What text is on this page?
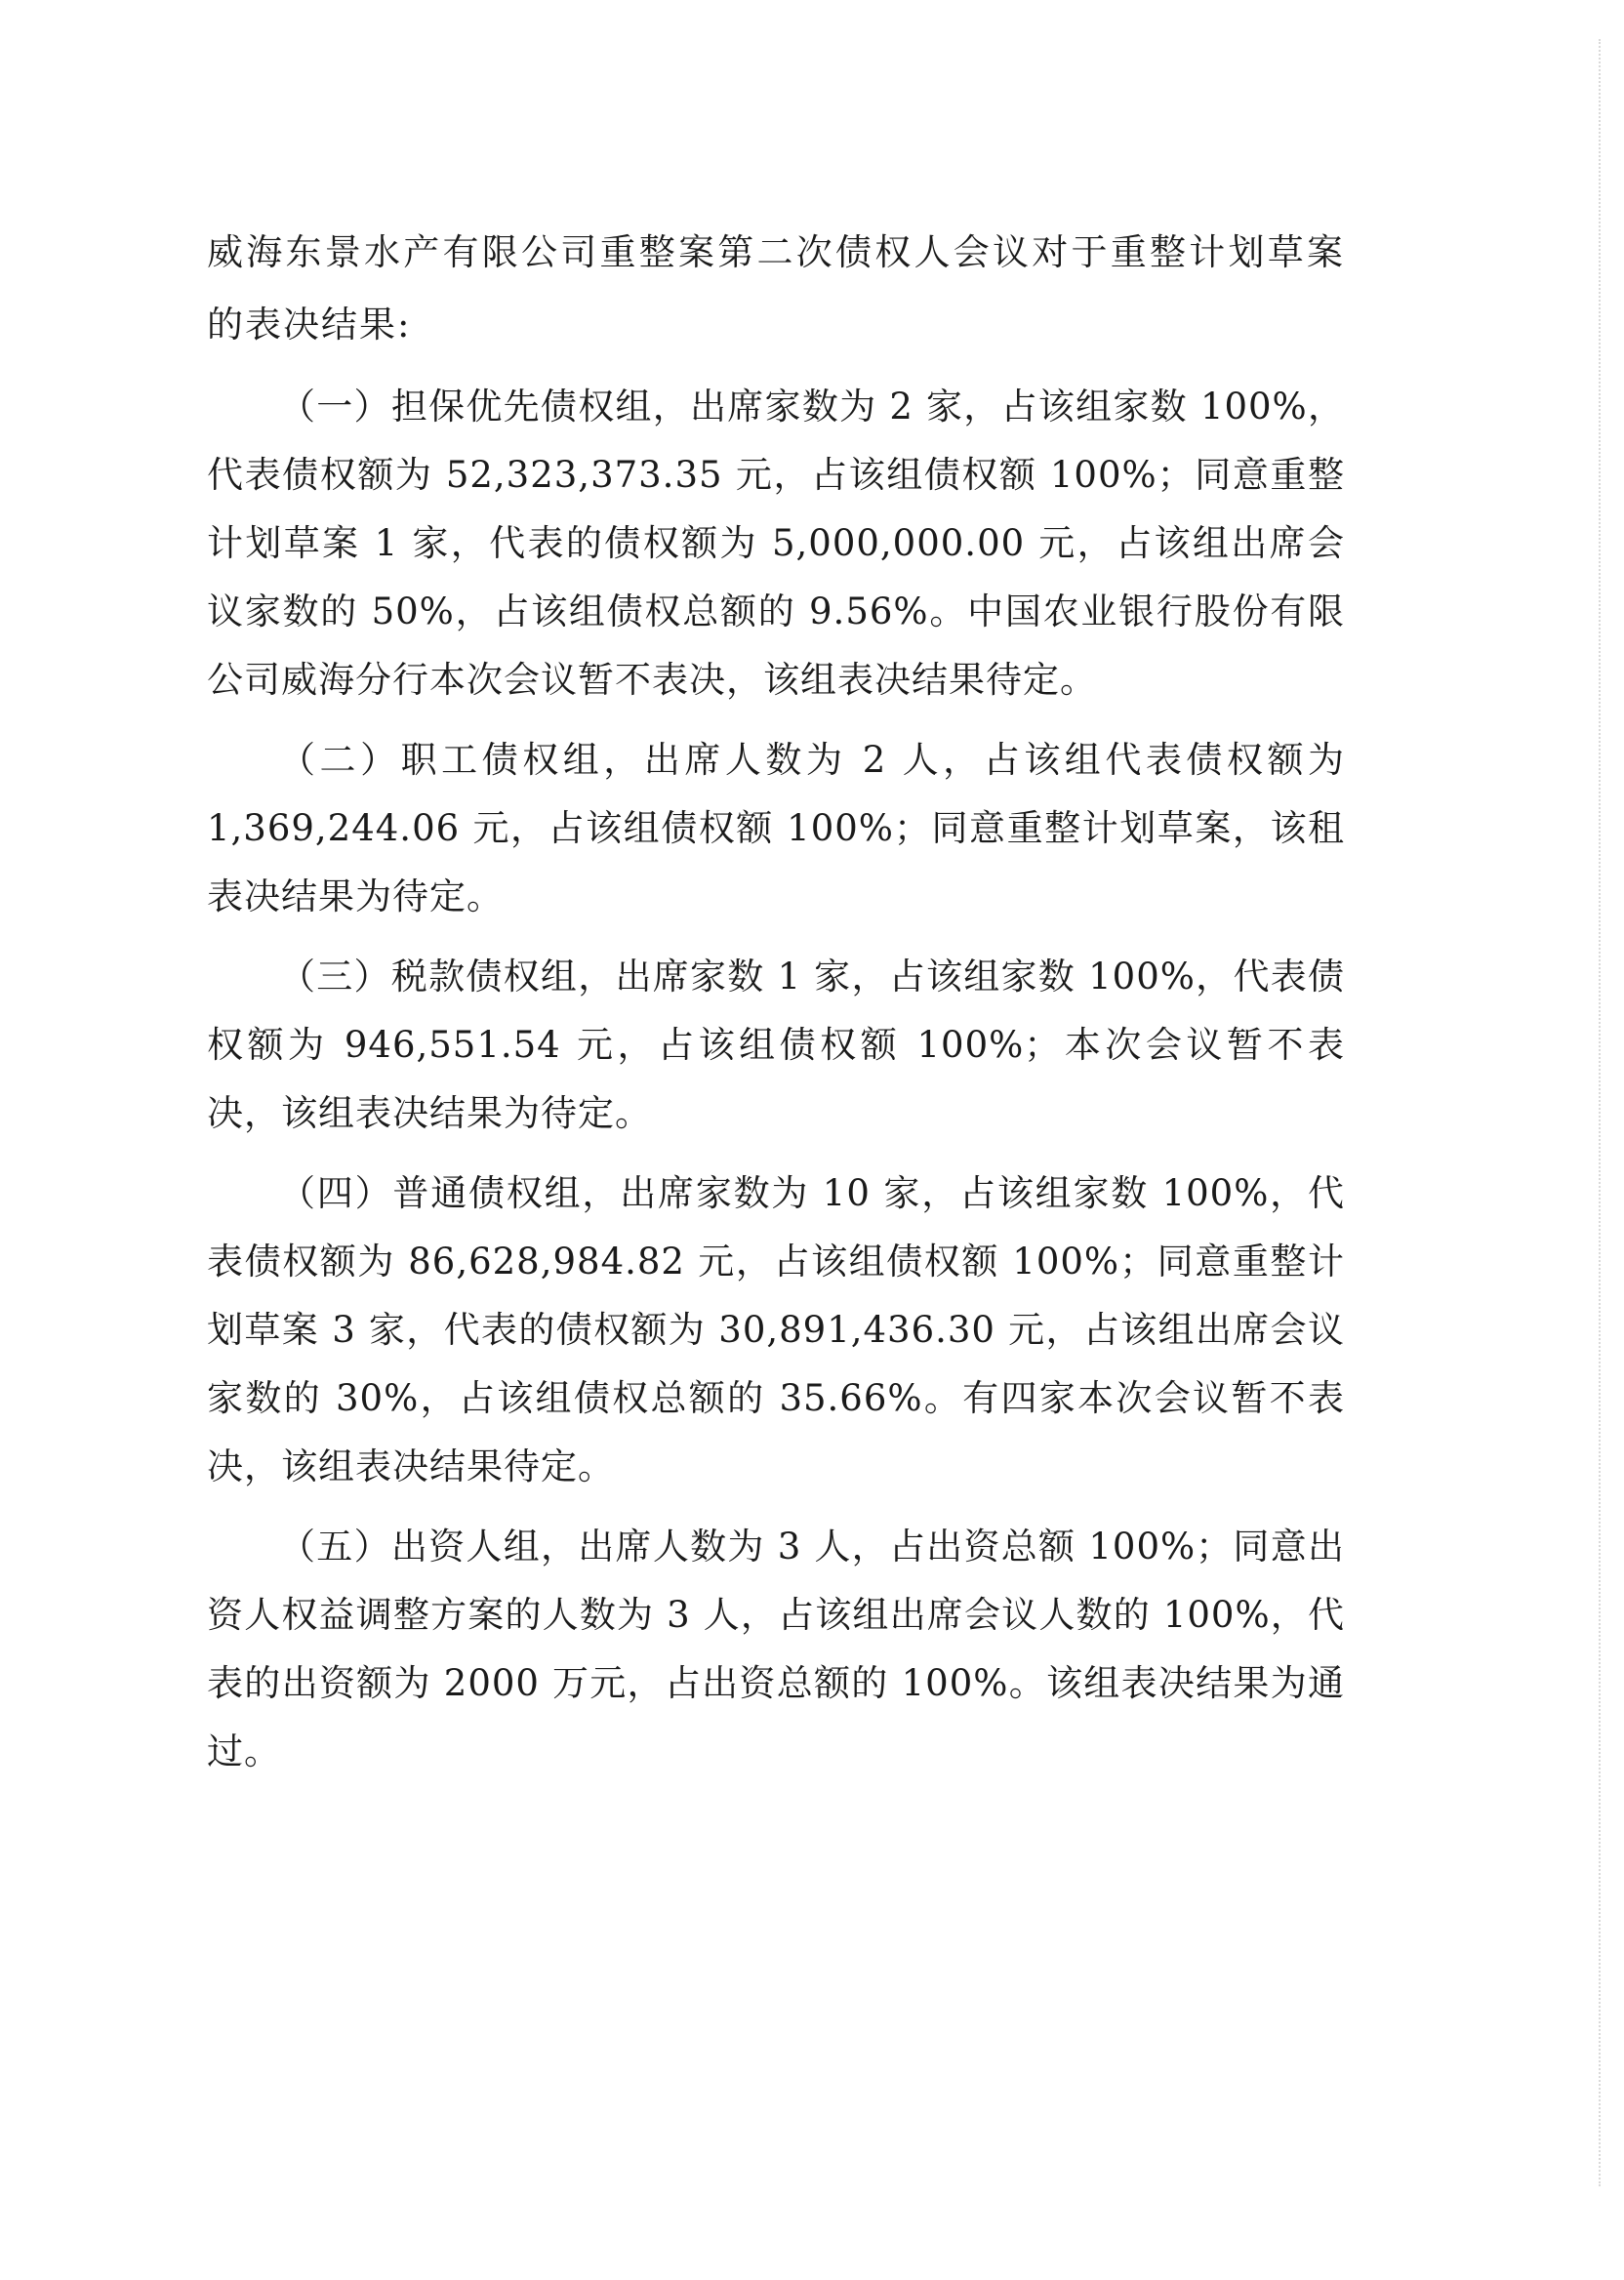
威海东景水产有限公司重整案第二次债权人会议对于重整计划草案的表决结果:

（一）担保优先债权组，出席家数为 2 家，占该组家数 100%，代表债权额为 52,323,373.35 元，占该组债权额 100%；同意重整计划草案 1 家，代表的债权额为 5,000,000.00 元，占该组出席会议家数的 50%，占该组债权总额的 9.56%。中国农业银行股份有限公司威海分行本次会议暂不表决，该组表决结果待定。

（二）职工债权组，出席人数为 2 人，占该组代表债权额为 1,369,244.06 元，占该组债权额 100%；同意重整计划草案，该租表决结果为待定。

（三）税款债权组，出席家数 1 家，占该组家数 100%，代表债权额为 946,551.54 元，占该组债权额 100%；本次会议暂不表决，该组表决结果为待定。

（四）普通债权组，出席家数为 10 家，占该组家数 100%，代表债权额为 86,628,984.82 元，占该组债权额 100%；同意重整计划草案 3 家，代表的债权额为 30,891,436.30 元，占该组出席会议家数的 30%，占该组债权总额的 35.66%。有四家本次会议暂不表决，该组表决结果待定。

（五）出资人组，出席人数为 3 人，占出资总额 100%；同意出资人权益调整方案的人数为 3 人，占该组出席会议人数的 100%，代表的出资额为 2000 万元，占出资总额的 100%。该组表决结果为通过。
